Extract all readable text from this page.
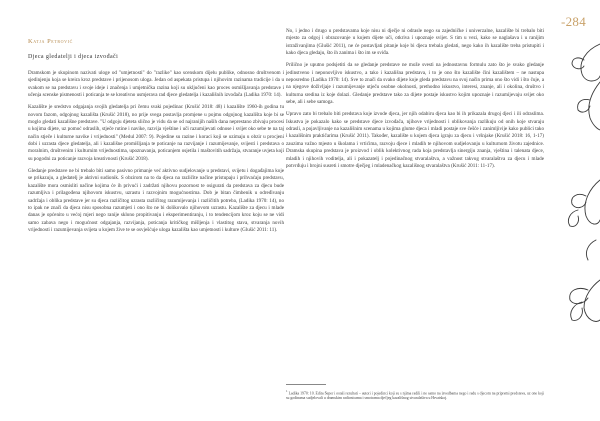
-284
Katja Petrović
Djeca gledatelji i djeca izvođači

Dramskom je skupinom nazivati uloge od "umjetnosti" do "razlike" kao scenskom dijelu publike, odnosno društvenom i sjedinjenju koja se kreira kroz predstave i prijenosom uloga. Jedan od aspekata pristupa i njihovim razinama tradicije i da u svakom se na predstavu i svoje ideje i značenja i umjetnička razina koji su uključeni kao proces osmišljavanja predstave i učenja scenske pismenosti i poticanja te se kreativno usmjerava rad djece gledatelja i kazališnih izvođača (Ladika 1970: 14).

Kazalište je sredstvo odgajanja svojih gledatelja pri čemu svaki pojedinac (Krušić 2018: 48) i kazalište 1960-ih godina tu novom fazom, odgojnog kazališta (Krušić 2018), no prije svega postavlja promjene u pojmu odgojnog kazališta koje bi se moglo gledati kazališne predstave. "U odgoju djeteta slično je vidu da se od najranijih naših dana neprestano zbivaju procesi u kojima dijete, uz pomoć odraslih, stječe rutine i navike, razvija vještine i uči razumijevati odnose i svijet oko sebe te na taj način stječe i kulturne navike i vrijednosti" (Medul 2007: 9). Pojedine su razine i koraci koji se uzimaju u obzir u procjeni dobi i uzrasta djece gledatelja, ali i kazališne promišljanja te poticanje na razvijanje i razumijevanje, svijesti i predstava o moralnim, društvenim i kulturnim vrijednostima, upoznavanja, poticanjem osjetila i maštovitih sadržaja, stvaranje uvjeta koji su pogodni za poticanje razvoja kreativnosti (Krušić 2018).

Gledanje predstave ne bi trebalo biti samo pasivno primanje već aktivno sudjelovanje u predstavi, svijetu i događajima koje se prikazuju, a gledatelj je aktivni sudionik. S obzirom na to da djeca na različite načine pristupaju i prihvaćaju predstavu, kazalište mora osmisliti načine kojima će ih privući i zadržati njihovu pozornost te osigurati da predstava za djecu bude razumljiva i prilagođena njihovom iskustvu, uzrastu i razvojnim mogućnostima. Dob je bitan čimbenik u određivanju sadržaja i oblika predstave jer su djeca različitog uzrasta različitog razumijevanja i različitih potreba, (Ladika 1970: 14), no to ipak ne znači da djeca nisu sposobna razumjeti i ono što ne bi dolikovalo njihovom uzrastu. Kazalište za djecu i mlade danas je općenito u većoj mjeri nego ranije sklono propitivanju i eksperimentiranju, i to tendencijom kroz koju se ne vidi samo zabava nego i mogućnost odgajanja, razvijanja, poticanja kritičkog mišljenja i vlastitog stava, stvaranja novih vrijednosti i razumijevanja svijeta u kojem žive te se osvješćuje uloga kazališta kao umjetnosti i kulture (Glušić 2011: 11).

No, i jedno i drugo u predstavama koje nisu ni dječje ni odrasle nego su zajedničke i univerzalne, kazalište bi trebalo biti mjesto za odgoj i obrazovanje u kojem dijete uči, otkriva i upoznaje svijet. S tim u vezi, kako se naglašava i u ranijim istraživanjima (Glušić 2011), ne će postavljati pitanje koje bi djeca trebala gledati, nego kako ih kazalište treba pristupiti i kako djeca gledaju, što ih zanima i što im se sviđa.

Prilično je uputno podsjetiti da se gledanje predstave ne može svesti na jednostavnu formulu zato što je svako gledanje jedinstveno i neponovljivo iskustvo, a tako i kazališna predstava, i to je ono što kazalište čini kazalištem – ne nastupa neposredno (Ladika 1970: 14). Sve to znači da svako dijete koje gleda predstavu na svoj način prima ono što vidi i što čuje, a na njegove doživljaje i razumijevanje utječu osobne okolnosti, prethodno iskustvo, interesi, znanje, ali i okolina, društvo i kulturna sredina iz koje dolazi. Gledanje predstave tako za dijete postaje iskustvo kojim upoznaje i razumijevaju svijet oko sebe, ali i sebe samoga.

Upravo zato bi trebalo biti predstava koje izvode djeca, jer njih odabiru djeca kao bi ih prikazala drugoj djeci i ili odraslima. Iskustva je pokazalo kako se predstave djece izvođača, njihove vrijednosti i oblikovanja razlikuju od onih koje stvaraju odrasli, a pojavljivanje na kazališnim scenama u kojima glume djeca i mladi postaje sve češće i zanimljivije kako publici tako i kazališnim praktičarima (Krušić 2011). Također, kazalište u kojem djeca igraju za djecu i vršnjake (Krušić 2018: 16, 1-17) zauzima važno mjesto u školama i vrtićima, razvoju djece i mladih te njihovom sudjelovanju u kulturnom životu zajednice. Dramska skupina predstava je proizvod i oblik kolektivnog rada koja predstavlja sinergiju znanja, vještina i talenata djece, mladih i njihovih voditelja, ali i pokazatelj i pojedinačnog stvaralaštva, a važnost takvog stvaralaštva za djecu i mlade potvrđuju i brojni susreti i smotre dječjeg i mladenačkog kazališnog stvaralaštva (Krušić 2011: 11-17).

$^1$ Ladika 1970: 10. Edita Šeper i ostali rezultati – autori i pojedinci koji su s njima radili i ne samo na izvedbama nego i radu s djecom na pripremi predstava, uz one koji su godinama sudjelovali u dramskim radionicama i smotrama dječjeg kazališnog stvaralaštva u Hrvatskoj.
